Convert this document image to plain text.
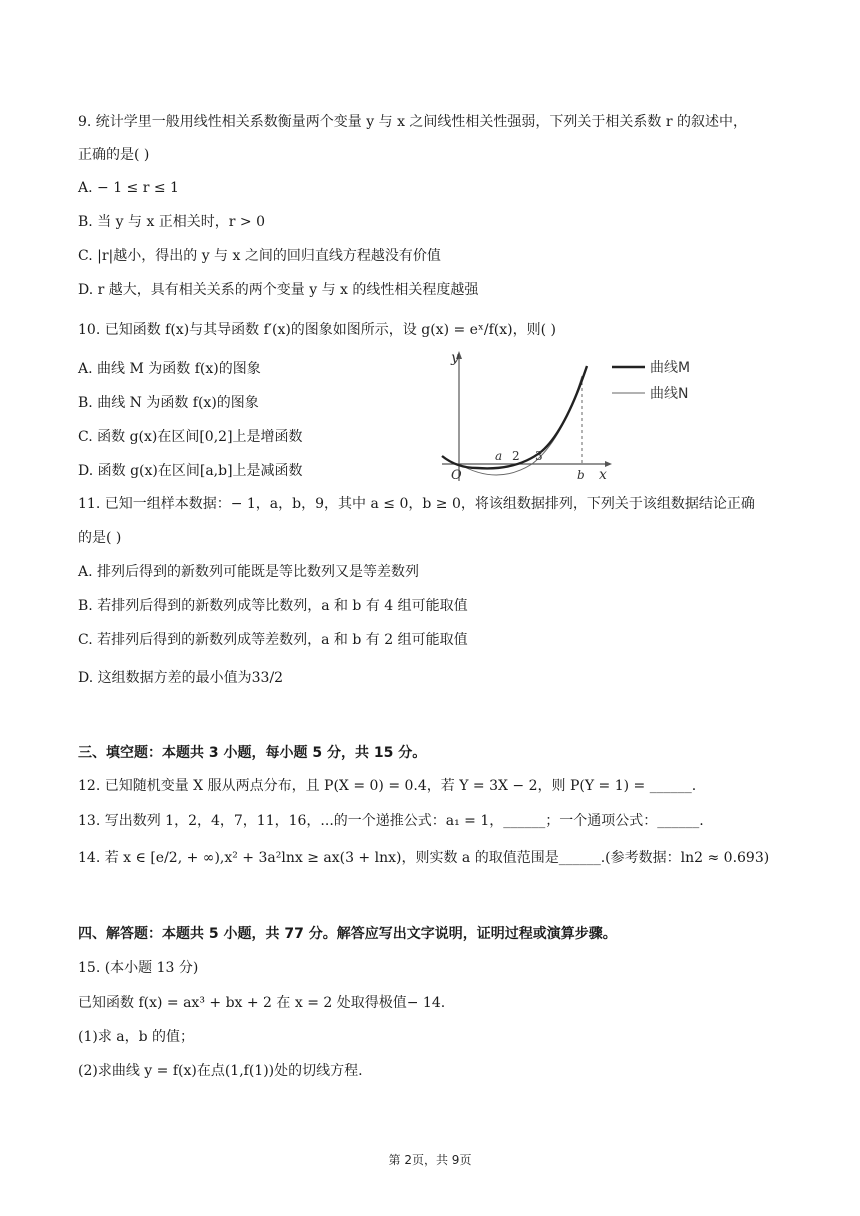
9. 统计学里一般用线性相关系数衡量两个变量 y 与 x 之间线性相关性强弱，下列关于相关系数 r 的叙述中，
正确的是( )
A. − 1 ≤ r ≤ 1
B. 当 y 与 x 正相关时，r > 0
C. |r|越小，得出的 y 与 x 之间的回归直线方程越没有价值
D. r 越大，具有相关关系的两个变量 y 与 x 的线性相关程度越强
10. 已知函数 f(x)与其导函数 f′(x)的图象如图所示，设 g(x) = eˣ/f(x)，则( )
A. 曲线 M 为函数 f(x)的图象
B. 曲线 N 为函数 f(x)的图象
C. 函数 g(x)在区间[0,2]上是增函数
D. 函数 g(x)在区间[a,b]上是减函数
11. 已知一组样本数据：− 1，a，b，9，其中 a ≤ 0，b ≥ 0，将该组数据排列，下列关于该组数据结论正确
的是( )
A. 排列后得到的新数列可能既是等比数列又是等差数列
B. 若排列后得到的新数列成等比数列，a 和 b 有 4 组可能取值
C. 若排列后得到的新数列成等差数列，a 和 b 有 2 组可能取值
D. 这组数据方差的最小值为33/2
三、填空题：本题共 3 小题，每小题 5 分，共 15 分。
12. 已知随机变量 X 服从两点分布，且 P(X = 0) = 0.4，若 Y = 3X − 2，则 P(Y = 1) = ______.
13. 写出数列 1，2，4，7，11，16，...的一个递推公式：a₁ = 1，______；一个通项公式：______.
14. 若 x ∈ [e/2, + ∞),x² + 3a²lnx ≥ ax(3 + lnx)，则实数 a 的取值范围是______.(参考数据：ln2 ≈ 0.693)
四、解答题：本题共 5 小题，共 77 分。解答应写出文字说明，证明过程或演算步骤。
15. (本小题 13 分)
已知函数 f(x) = ax³ + bx + 2 在 x = 2 处取得极值− 14.
(1)求 a，b 的值；
(2)求曲线 y = f(x)在点(1,f(1))处的切线方程.
y
x
O
a 2 3
b
曲线M
曲线N
第 2页，共 9页
